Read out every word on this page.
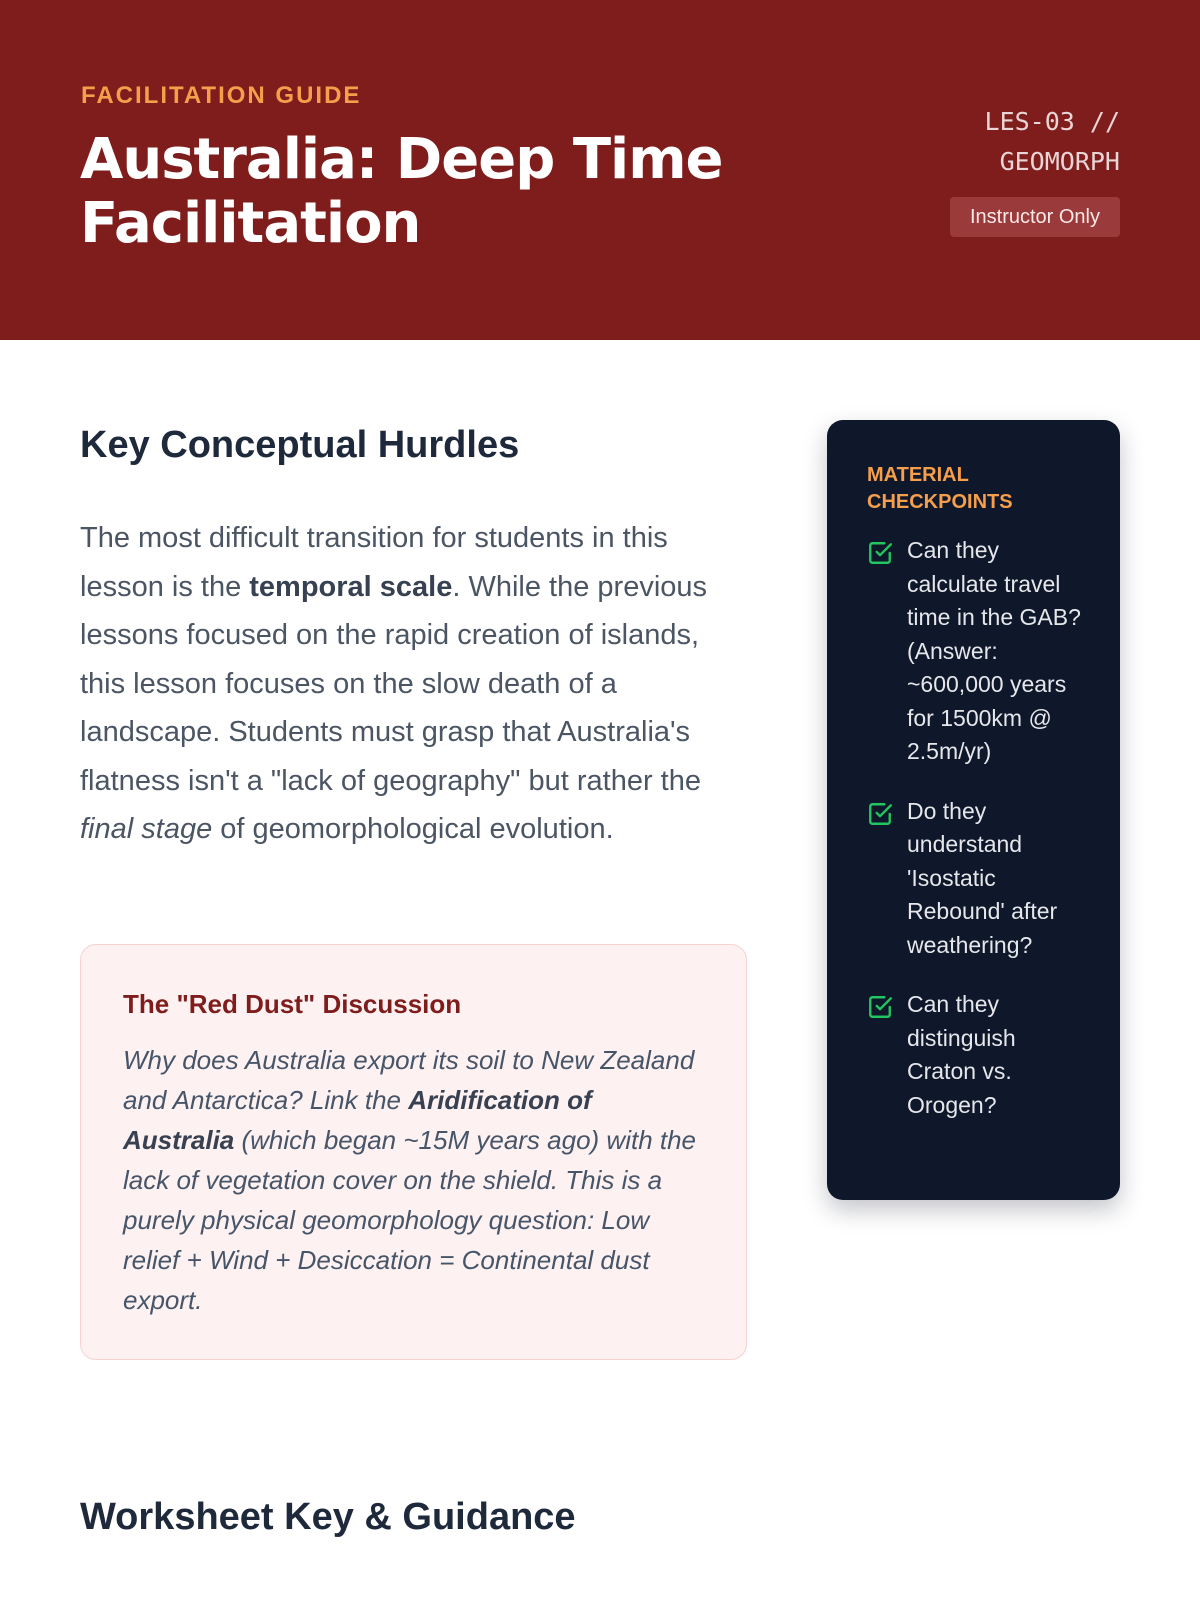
FACILITATION GUIDE
Australia: Deep Time Facilitation
LES-03 //
GEOMORPH
Instructor Only
Key Conceptual Hurdles

The most difficult transition for students in this lesson is the temporal scale. While the previous lessons focused on the rapid creation of islands, this lesson focuses on the slow death of a landscape. Students must grasp that Australia's flatness isn't a "lack of geography" but rather the final stage of geomorphological evolution.

The "Red Dust" Discussion

Why does Australia export its soil to New Zealand and Antarctica? Link the Aridification of Australia (which began ~15M years ago) with the lack of vegetation cover on the shield. This is a purely physical geomorphology question: Low relief + Wind + Desiccation = Continental dust export.

MATERIAL CHECKPOINTS
Can they calculate travel time in the GAB? (Answer: ~600,000 years for 1500km @ 2.5m/yr)
Do they understand 'Isostatic Rebound' after weathering?
Can they distinguish Craton vs. Orogen?
Worksheet Key & Guidance
